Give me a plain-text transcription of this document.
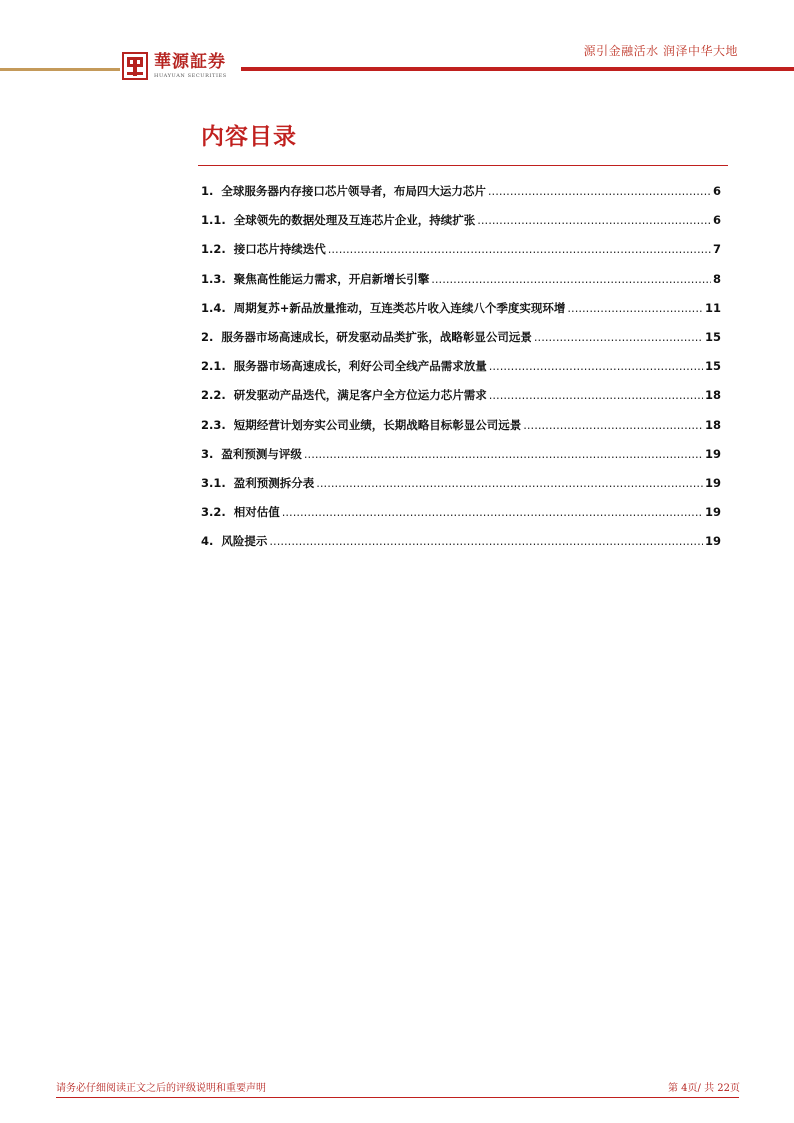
源引金融活水 润泽中华大地
華源証券
HUAYUAN SECURITIES
内容目录
1. 全球服务器内存接口芯片领导者，布局四大运力芯片 .....	6
1.1. 全球领先的数据处理及互连芯片企业，持续扩张 .....	6
1.2. 接口芯片持续迭代 .....	7
1.3. 聚焦高性能运力需求，开启新增长引擎 .....	8
1.4. 周期复苏+新品放量推动，互连类芯片收入连续八个季度实现环增 .....	11
2. 服务器市场高速成长，研发驱动品类扩张，战略彰显公司远景 .....	15
2.1. 服务器市场高速成长，利好公司全线产品需求放量 .....	15
2.2. 研发驱动产品迭代，满足客户全方位运力芯片需求 .....	18
2.3. 短期经营计划夯实公司业绩，长期战略目标彰显公司远景 .....	18
3. 盈利预测与评级 .....	19
3.1. 盈利预测拆分表 .....	19
3.2. 相对估值 .....	19
4. 风险提示 .....	19
请务必仔细阅读正文之后的评级说明和重要声明	第 4页/ 共 22页
